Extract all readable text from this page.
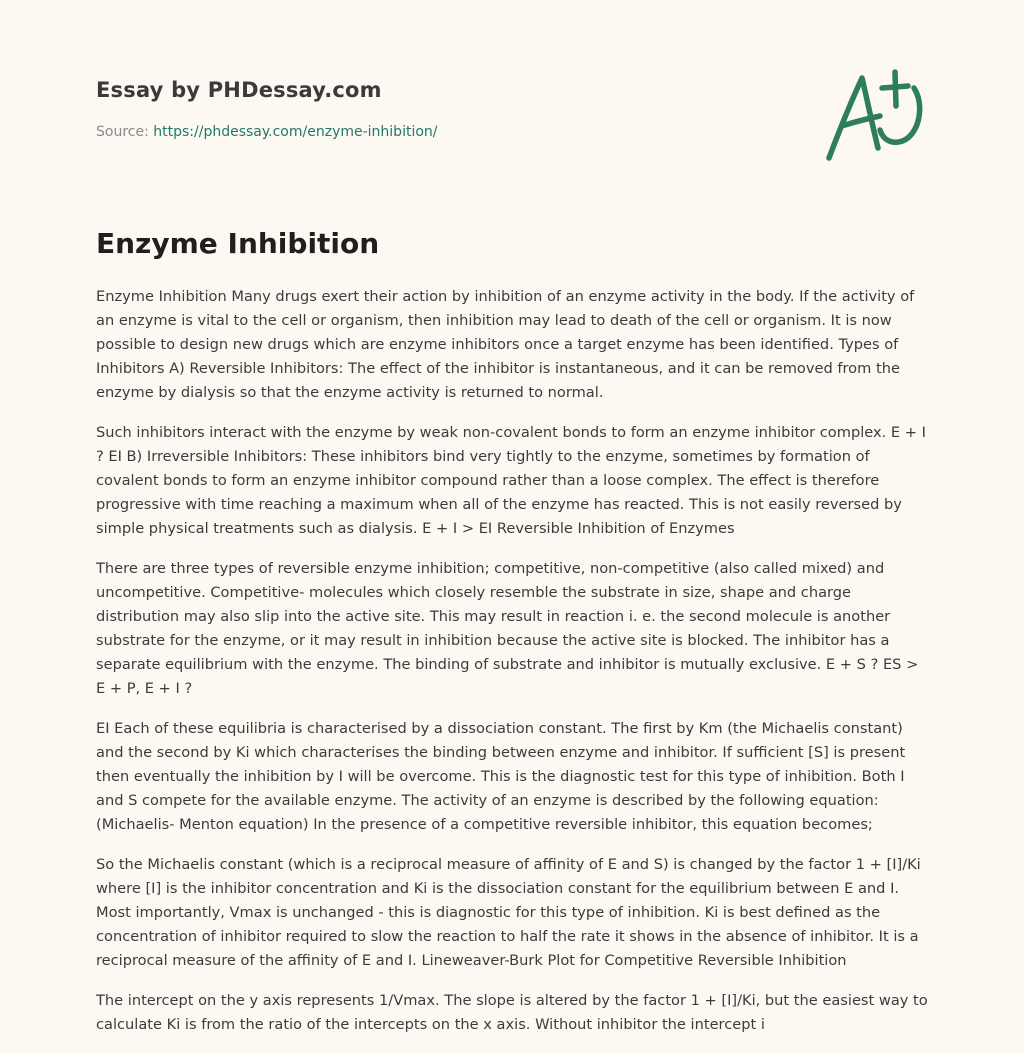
Essay by PHDessay.com
Source: https://phdessay.com/enzyme-inhibition/
Enzyme Inhibition

Enzyme Inhibition Many drugs exert their action by inhibition of an enzyme activity in the body. If the activity of an enzyme is vital to the cell or organism, then inhibition may lead to death of the cell or organism. It is now possible to design new drugs which are enzyme inhibitors once a target enzyme has been identified. Types of Inhibitors A) Reversible Inhibitors: The effect of the inhibitor is instantaneous, and it can be removed from the enzyme by dialysis so that the enzyme activity is returned to normal.

Such inhibitors interact with the enzyme by weak non-covalent bonds to form an enzyme inhibitor complex. E + I ? EI B) Irreversible Inhibitors: These inhibitors bind very tightly to the enzyme, sometimes by formation of covalent bonds to form an enzyme inhibitor compound rather than a loose complex. The effect is therefore progressive with time reaching a maximum when all of the enzyme has reacted. This is not easily reversed by simple physical treatments such as dialysis. E + I > EI Reversible Inhibition of Enzymes

There are three types of reversible enzyme inhibition; competitive, non-competitive (also called mixed) and uncompetitive. Competitive- molecules which closely resemble the substrate in size, shape and charge distribution may also slip into the active site. This may result in reaction i. e. the second molecule is another substrate for the enzyme, or it may result in inhibition because the active site is blocked. The inhibitor has a separate equilibrium with the enzyme. The binding of substrate and inhibitor is mutually exclusive. E + S ? ES > E + P, E + I ?

EI Each of these equilibria is characterised by a dissociation constant. The first by Km (the Michaelis constant) and the second by Ki which characterises the binding between enzyme and inhibitor. If sufficient [S] is present then eventually the inhibition by I will be overcome. This is the diagnostic test for this type of inhibition. Both I and S compete for the available enzyme. The activity of an enzyme is described by the following equation: (Michaelis- Menton equation) In the presence of a competitive reversible inhibitor, this equation becomes;

So the Michaelis constant (which is a reciprocal measure of affinity of E and S) is changed by the factor 1 + [I]/Ki where [I] is the inhibitor concentration and Ki is the dissociation constant for the equilibrium between E and I. Most importantly, Vmax is unchanged - this is diagnostic for this type of inhibition. Ki is best defined as the concentration of inhibitor required to slow the reaction to half the rate it shows in the absence of inhibitor. It is a reciprocal measure of the affinity of E and I. Lineweaver-Burk Plot for Competitive Reversible Inhibition

The intercept on the y axis represents 1/Vmax. The slope is altered by the factor 1 + [I]/Ki, but the easiest way to calculate Ki is from the ratio of the intercepts on the x axis. Without inhibitor the intercept i
